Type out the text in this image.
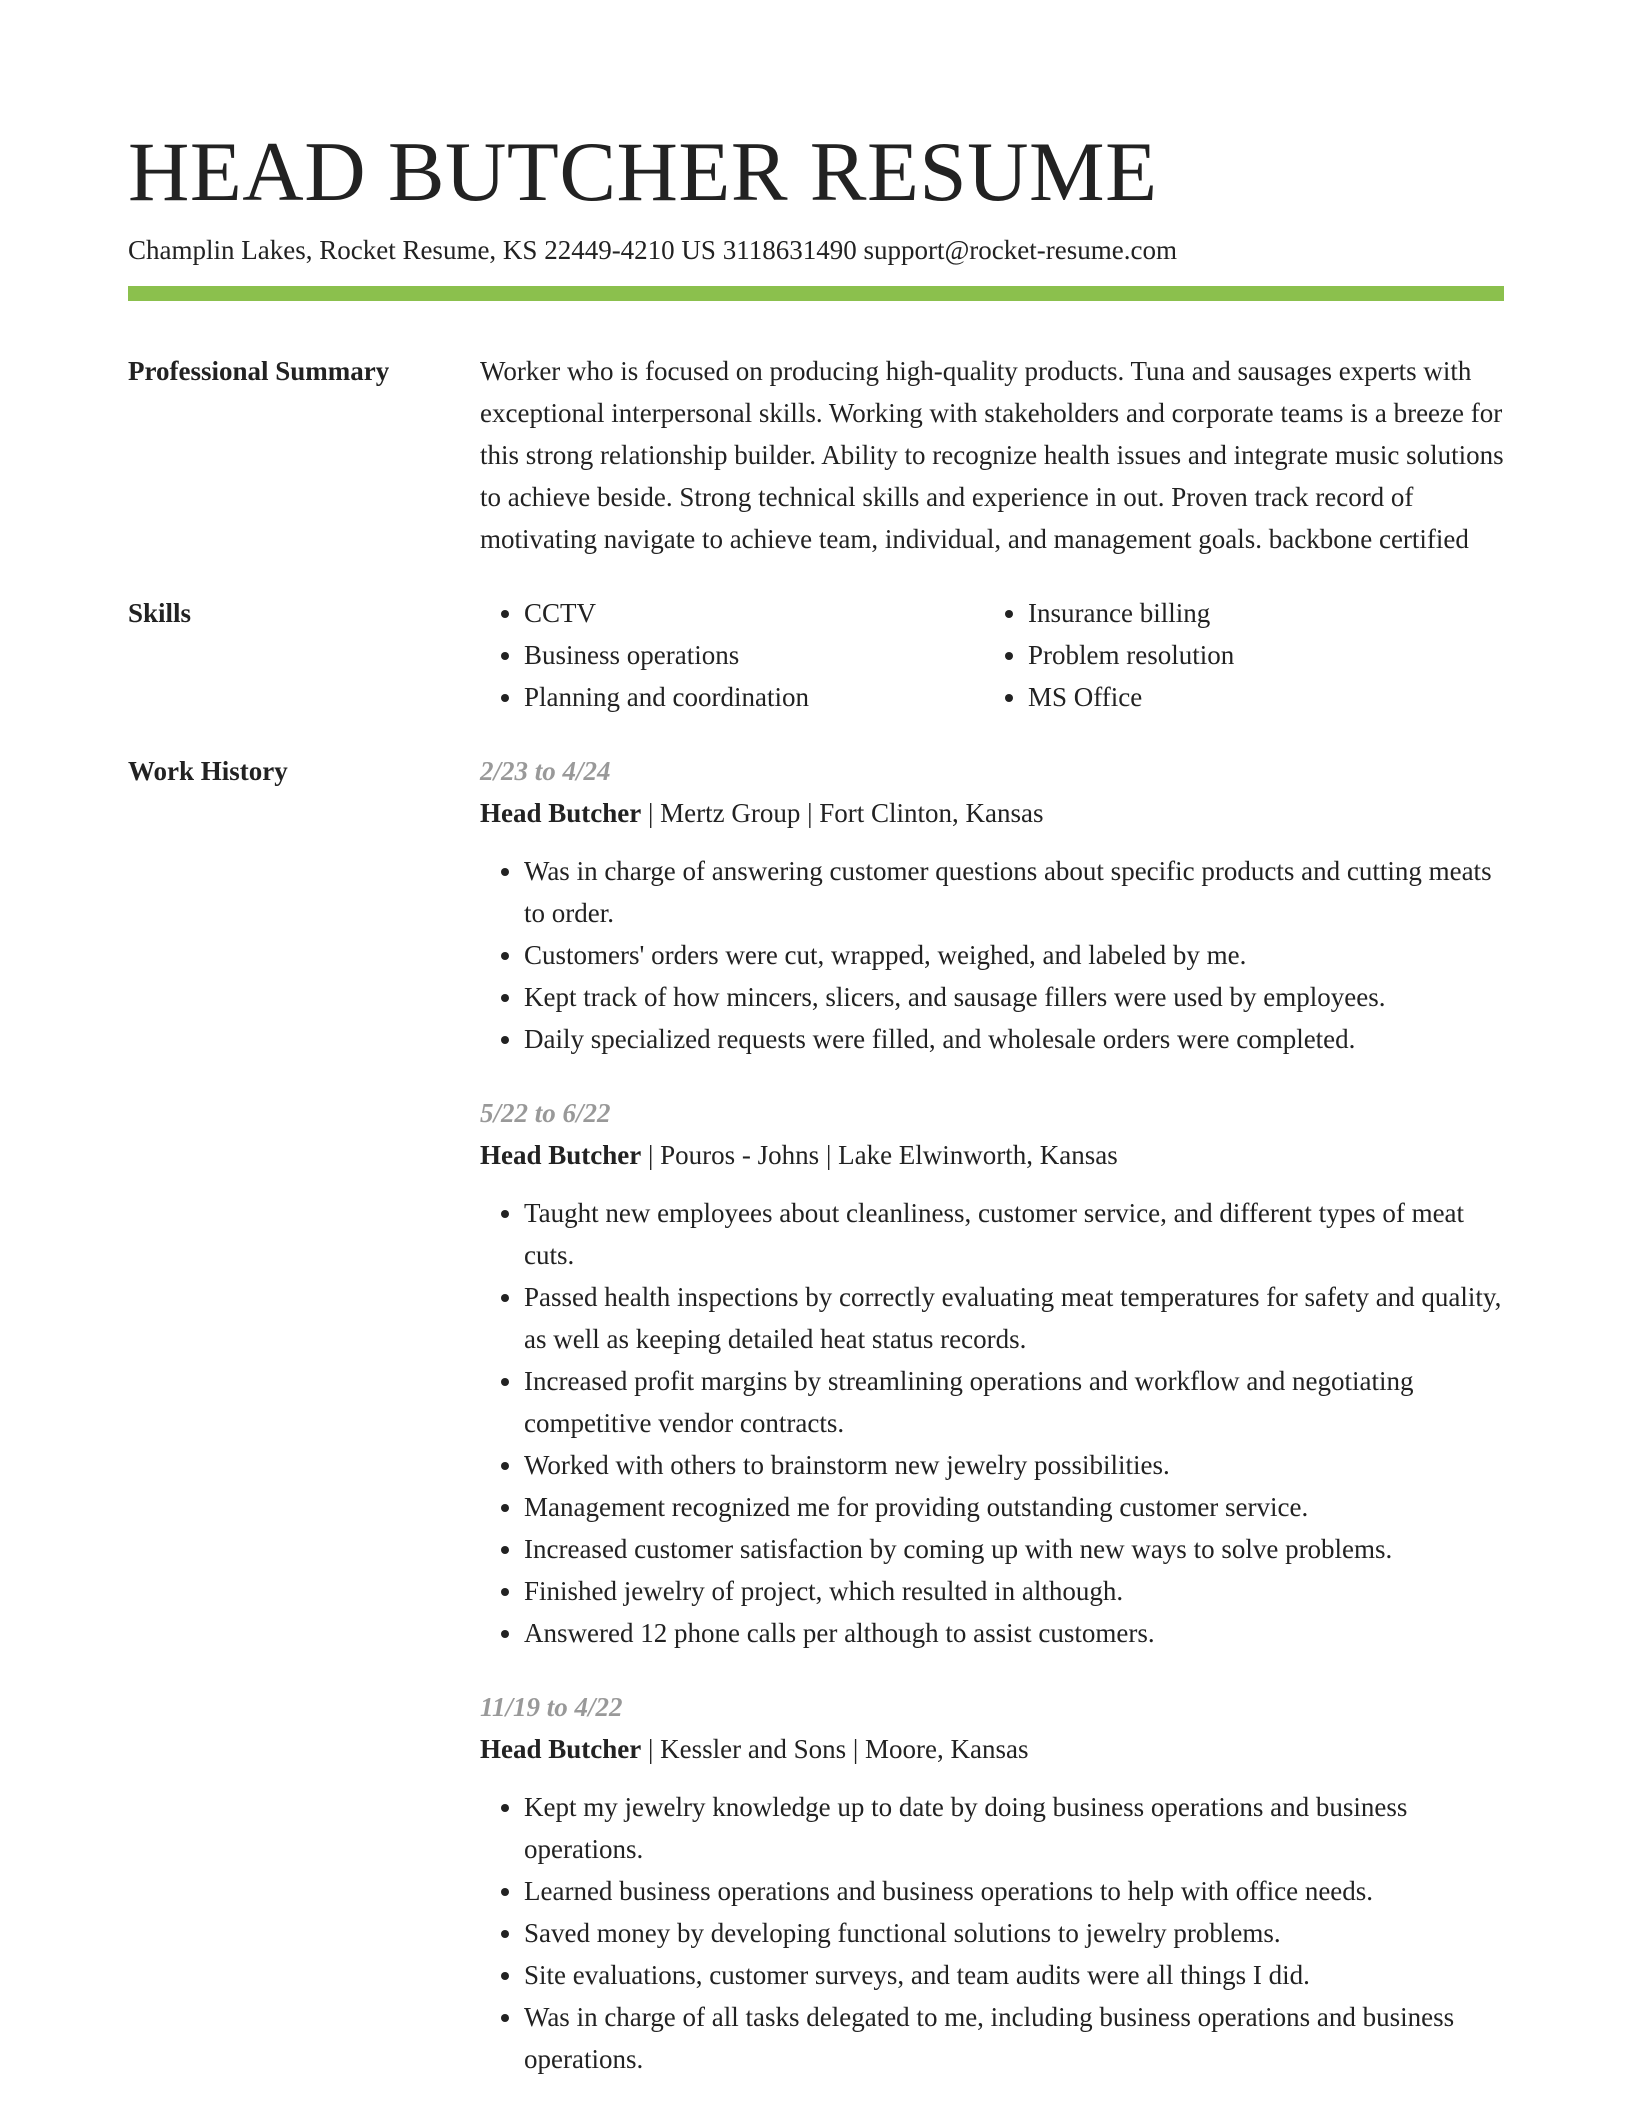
HEAD BUTCHER RESUME
Champlin Lakes, Rocket Resume, KS 22449-4210 US 3118631490 support@rocket-resume.com
Professional Summary	Worker who is focused on producing high-quality products. Tuna and sausages experts with exceptional interpersonal skills. Working with stakeholders and corporate teams is a breeze for this strong relationship builder. Ability to recognize health issues and integrate music solutions to achieve beside. Strong technical skills and experience in out. Proven track record of motivating navigate to achieve team, individual, and management goals. backbone certified

Skills
•	CCTV
• Business operations
• Planning and coordination
• Insurance billing
• Problem resolution
• MS Office
Work History	2/23 to 4/24
Head Butcher | Mertz Group | Fort Clinton, Kansas
• Was in charge of answering customer questions about specific products and cutting meats to order.
• Customers' orders were cut, wrapped, weighed, and labeled by me.
• Kept track of how mincers, slicers, and sausage fillers were used by employees.
• Daily specialized requests were filled, and wholesale orders were completed.
5/22 to 6/22
Head Butcher | Pouros - Johns | Lake Elwinworth, Kansas
• Taught new employees about cleanliness, customer service, and different types of meat cuts.
• Passed health inspections by correctly evaluating meat temperatures for safety and quality, as well as keeping detailed heat status records.
• Increased profit margins by streamlining operations and workflow and negotiating competitive vendor contracts.
• Worked with others to brainstorm new jewelry possibilities.
• Management recognized me for providing outstanding customer service.
• Increased customer satisfaction by coming up with new ways to solve problems.
• Finished jewelry of project, which resulted in although.
• Answered 12 phone calls per although to assist customers.
11/19 to 4/22
Head Butcher | Kessler and Sons | Moore, Kansas
• Kept my jewelry knowledge up to date by doing business operations and business operations.
• Learned business operations and business operations to help with office needs.
• Saved money by developing functional solutions to jewelry problems.
• Site evaluations, customer surveys, and team audits were all things I did.
• Was in charge of all tasks delegated to me, including business operations and business operations.
